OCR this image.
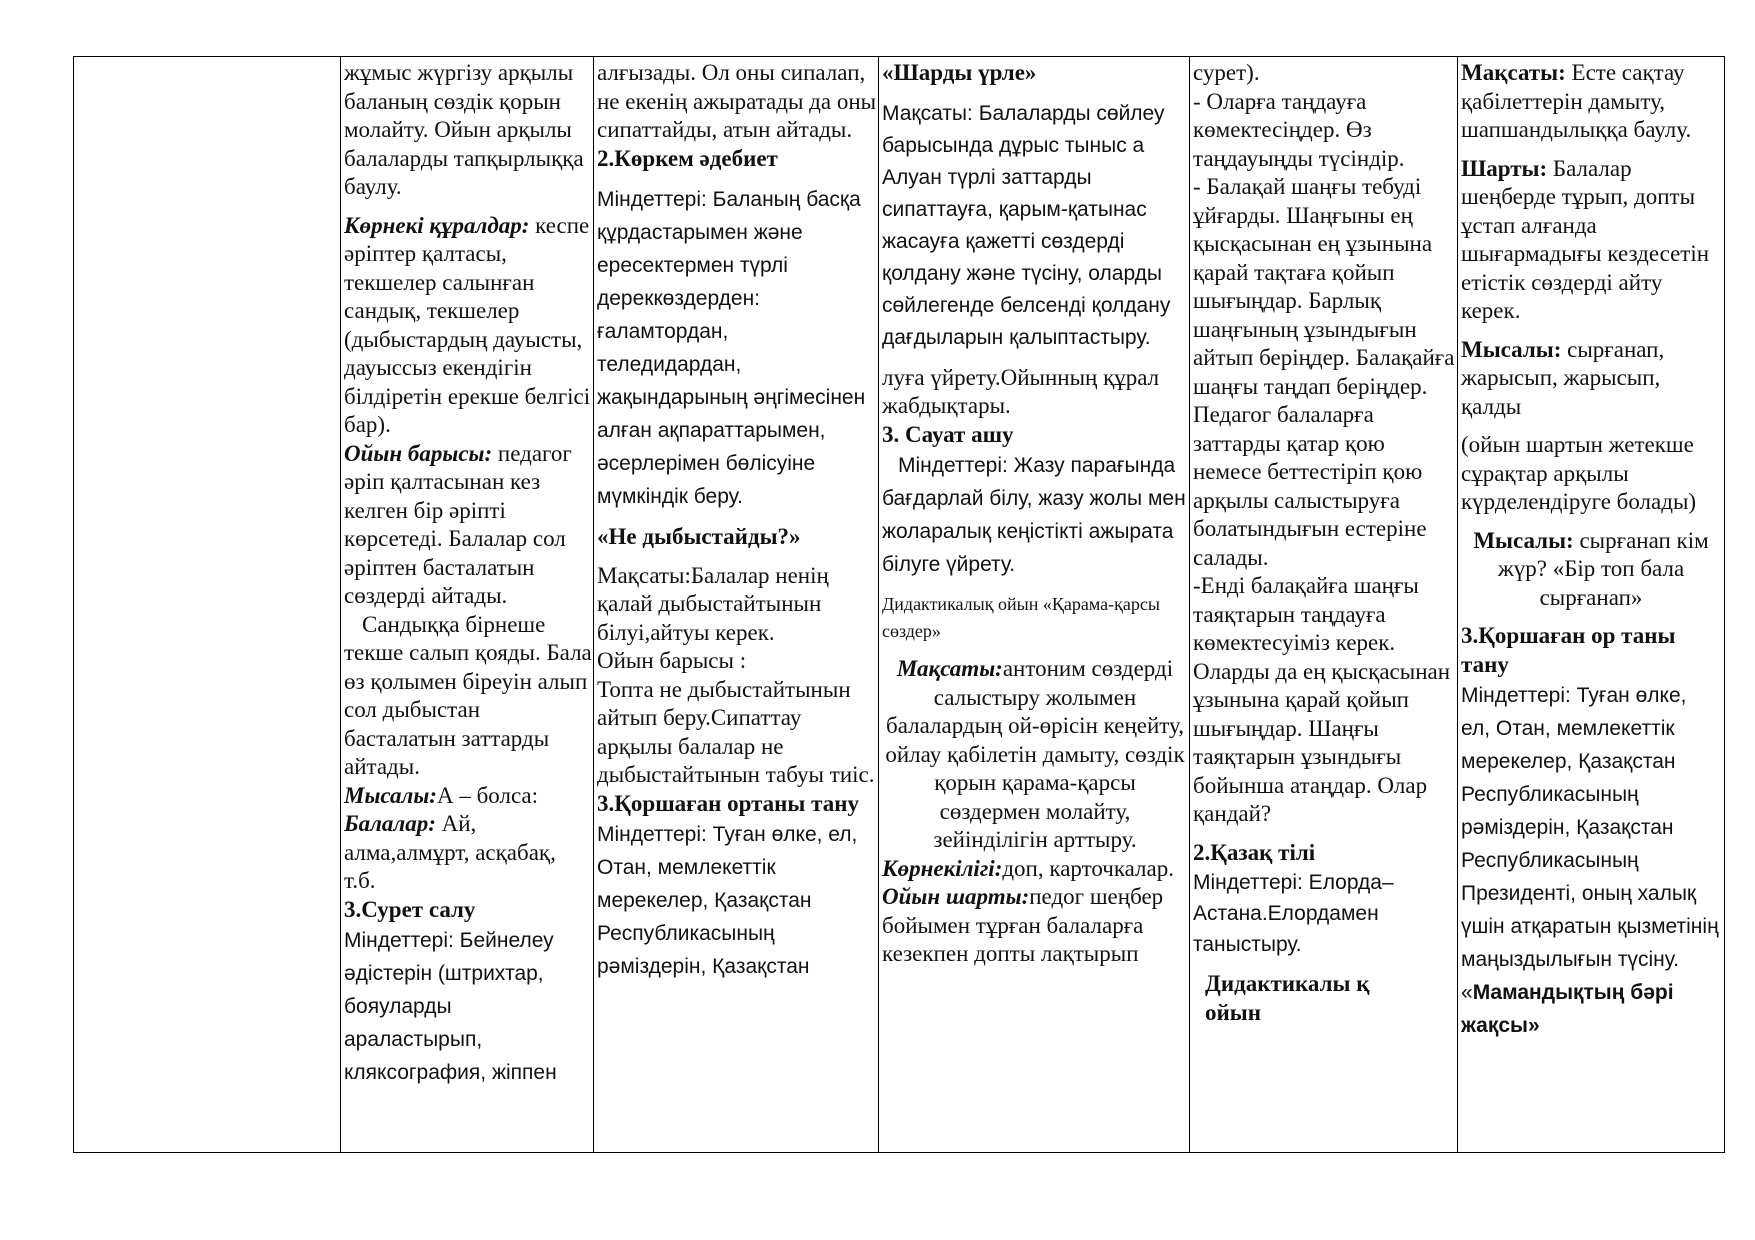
жұмыс жүргізу арқылы баланың сөздік қорын молайту. Ойын арқылы балаларды тапқырлыққа баулу.

Көрнекі құралдар: кеспе әріптер қалтасы, текшелер салынған сандық, текшелер (дыбыстардың дауысты, дауыссыз екендігін білдіретін ерекше белгісі бар).

Ойын барысы: педагог әріп қалтасынан кез келген бір әріпті көрсетеді. Балалар сол әріптен басталатын сөздерді айтады.

Сандыққа бірнеше текше салып қояды. Бала өз қолымен біреуін алып сол дыбыстан басталатын заттарды айтады.

Мысалы:А – болса:

Балалар: Ай, алма,алмұрт, асқабақ, т.б.

3.Сурет салу

Міндеттері: Бейнелеу әдістерін (штрихтар, бояуларды араластырып, кляксография, жіппен

алғызады. Ол оны сипалап, не екенің ажыратады да оны сипаттайды, атын айтады.

2.Көркем әдебиет

Міндеттері: Баланың басқа құрдастарымен және ересектермен түрлі дереккөздерден: ғаламтордан, теледидардан, жақындарының әңгімесінен алған ақпараттарымен, әсерлерімен бөлісуіне мүмкіндік беру.

«Не дыбыстайды?»

Мақсаты:Балалар ненің қалай дыбыстайтынын білуі,айтуы керек.

Ойын барысы :

Топта не дыбыстайтынын айтып беру.Сипаттау арқылы балалар не дыбыстайтынын табуы тиіс.

3.Қоршаған ортаны тану

Міндеттері: Туған өлке, ел, Отан, мемлекеттік мерекелер, Қазақстан Республикасының рәміздерін, Қазақстан

«Шарды үрле»

Мақсаты: Балаларды сөйлеу барысында дұрыс тыныс а Алуан түрлі заттарды сипаттауға, қарым-қатынас жасауға қажетті сөздерді қолдану және түсіну, оларды сөйлегенде белсенді қолдану дағдыларын қалыптастыру.

луға үйрету.Ойынның құрал жабдықтары.

3. Сауат ашу

Міндеттері: Жазу парағында бағдарлай білу, жазу жолы мен жоларалық кеңістікті ажырата білуге үйрету.

Дидактикалық ойын «Қарама-қарсы сөздер»

Мақсаты:антоним сөздерді салыстыру жолымен балалардың ой-өрісін кеңейту, ойлау қабілетін дамыту, сөздік қорын қарама-қарсы сөздермен молайту, зейінділігін арттыру.

Көрнекілігі:доп, карточкалар.

Ойын шарты:педог шеңбер бойымен тұрған балаларға кезекпен допты лақтырып

сурет).

- Оларға таңдауға көмектесіңдер. Өз таңдауыңды түсіндір.

- Балақай шаңғы тебуді ұйғарды. Шаңғыны ең қысқасынан ең ұзынына қарай тақтаға қойып шығыңдар. Барлық шаңғының ұзындығын айтып беріңдер. Балақайға шаңғы таңдап беріңдер.

Педагог балаларға заттарды қатар қою немесе беттестіріп қою арқылы салыстыруға болатындығын естеріне салады.

-Енді балақайға шаңғы таяқтарын таңдауға көмектесуіміз керек. Оларды да ең қысқасынан ұзынына қарай қойып шығыңдар. Шаңғы таяқтарын ұзындығы бойынша атаңдар. Олар қандай?

2.Қазақ тілі

Міндеттері: Елорда– Астана.Елордамен таныстыру.

Дидактикалы қ ойын

Мақсаты: Есте сақтау қабілеттерін дамыту, шапшандылыққа баулу.

Шарты: Балалар шеңберде тұрып, допты ұстап алғанда шығармадығы кездесетін етістік сөздерді айту керек.

Мысалы: сырғанап, жарысып, жарысып, қалды

(ойын шартын жетекше сұрақтар арқылы күрделендіруге болады)

Мысалы: сырғанап кім жүр? «Бір топ бала сырғанап»

3.Қоршаған ор таны тану

Міндеттері: Туған өлке, ел, Отан, мемлекеттік мерекелер, Қазақстан Республикасының рәміздерін, Қазақстан Республикасының Президенті, оның халық үшін атқаратын қызметінің маңыздылығын түсіну.

«Мамандықтың бәрі жақсы»
